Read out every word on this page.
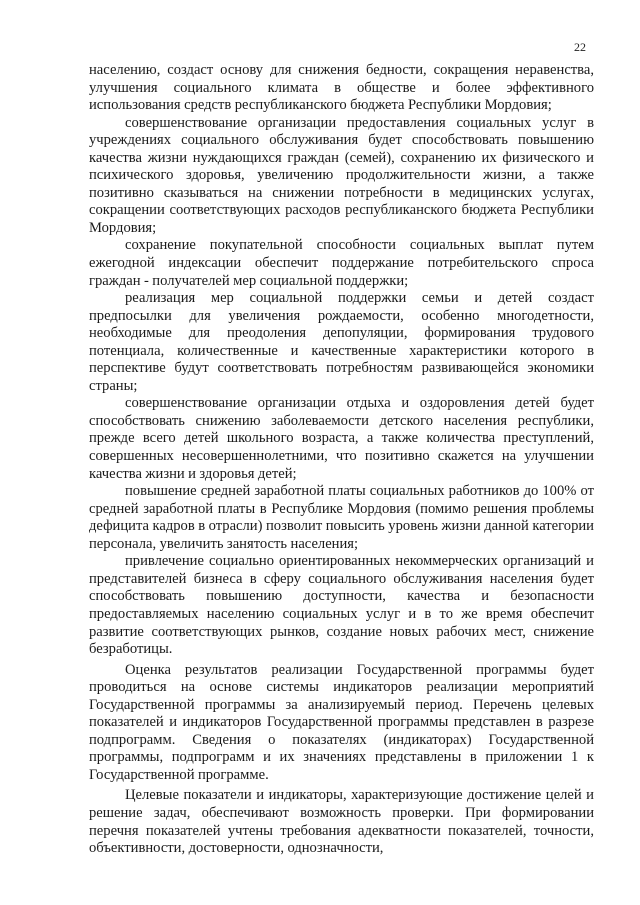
22

населению, создаст основу для снижения бедности, сокращения неравенства, улучшения социального климата в обществе и более эффективного использования средств республиканского бюджета Республики Мордовия;

совершенствование организации предоставления социальных услуг в учреждениях социального обслуживания будет способствовать повышению качества жизни нуждающихся граждан (семей), сохранению их физического и психического здоровья, увеличению продолжительности жизни, а также позитивно сказываться на снижении потребности в медицинских услугах, сокращении соответствующих расходов республиканского бюджета Республики Мордовия;

сохранение покупательной способности социальных выплат путем ежегодной индексации обеспечит поддержание потребительского спроса граждан - получателей мер социальной поддержки;

реализация мер социальной поддержки семьи и детей создаст предпосылки для увеличения рождаемости, особенно многодетности, необходимые для преодоления депопуляции, формирования трудового потенциала, количественные и качественные характеристики которого в перспективе будут соответствовать потребностям развивающейся экономики страны;

совершенствование организации отдыха и оздоровления детей будет способствовать снижению заболеваемости детского населения республики, прежде всего детей школьного возраста, а также количества преступлений, совершенных несовершеннолетними, что позитивно скажется на улучшении качества жизни и здоровья детей;

повышение средней заработной платы социальных работников до 100% от средней заработной платы в Республике Мордовия (помимо решения проблемы дефицита кадров в отрасли) позволит повысить уровень жизни данной категории персонала, увеличить занятость населения;

привлечение социально ориентированных некоммерческих организаций и представителей бизнеса в сферу социального обслуживания населения будет способствовать повышению доступности, качества и безопасности предоставляемых населению социальных услуг и в то же время обеспечит развитие соответствующих рынков, создание новых рабочих мест, снижение безработицы.

Оценка результатов реализации Государственной программы будет проводиться на основе системы индикаторов реализации мероприятий Государственной программы за анализируемый период. Перечень целевых показателей и индикаторов Государственной программы представлен в разрезе подпрограмм. Сведения о показателях (индикаторах) Государственной программы, подпрограмм и их значениях представлены в приложении 1 к Государственной программе.

Целевые показатели и индикаторы, характеризующие достижение целей и решение задач, обеспечивают возможность проверки. При формировании перечня показателей учтены требования адекватности показателей, точности, объективности, достоверности, однозначности,
